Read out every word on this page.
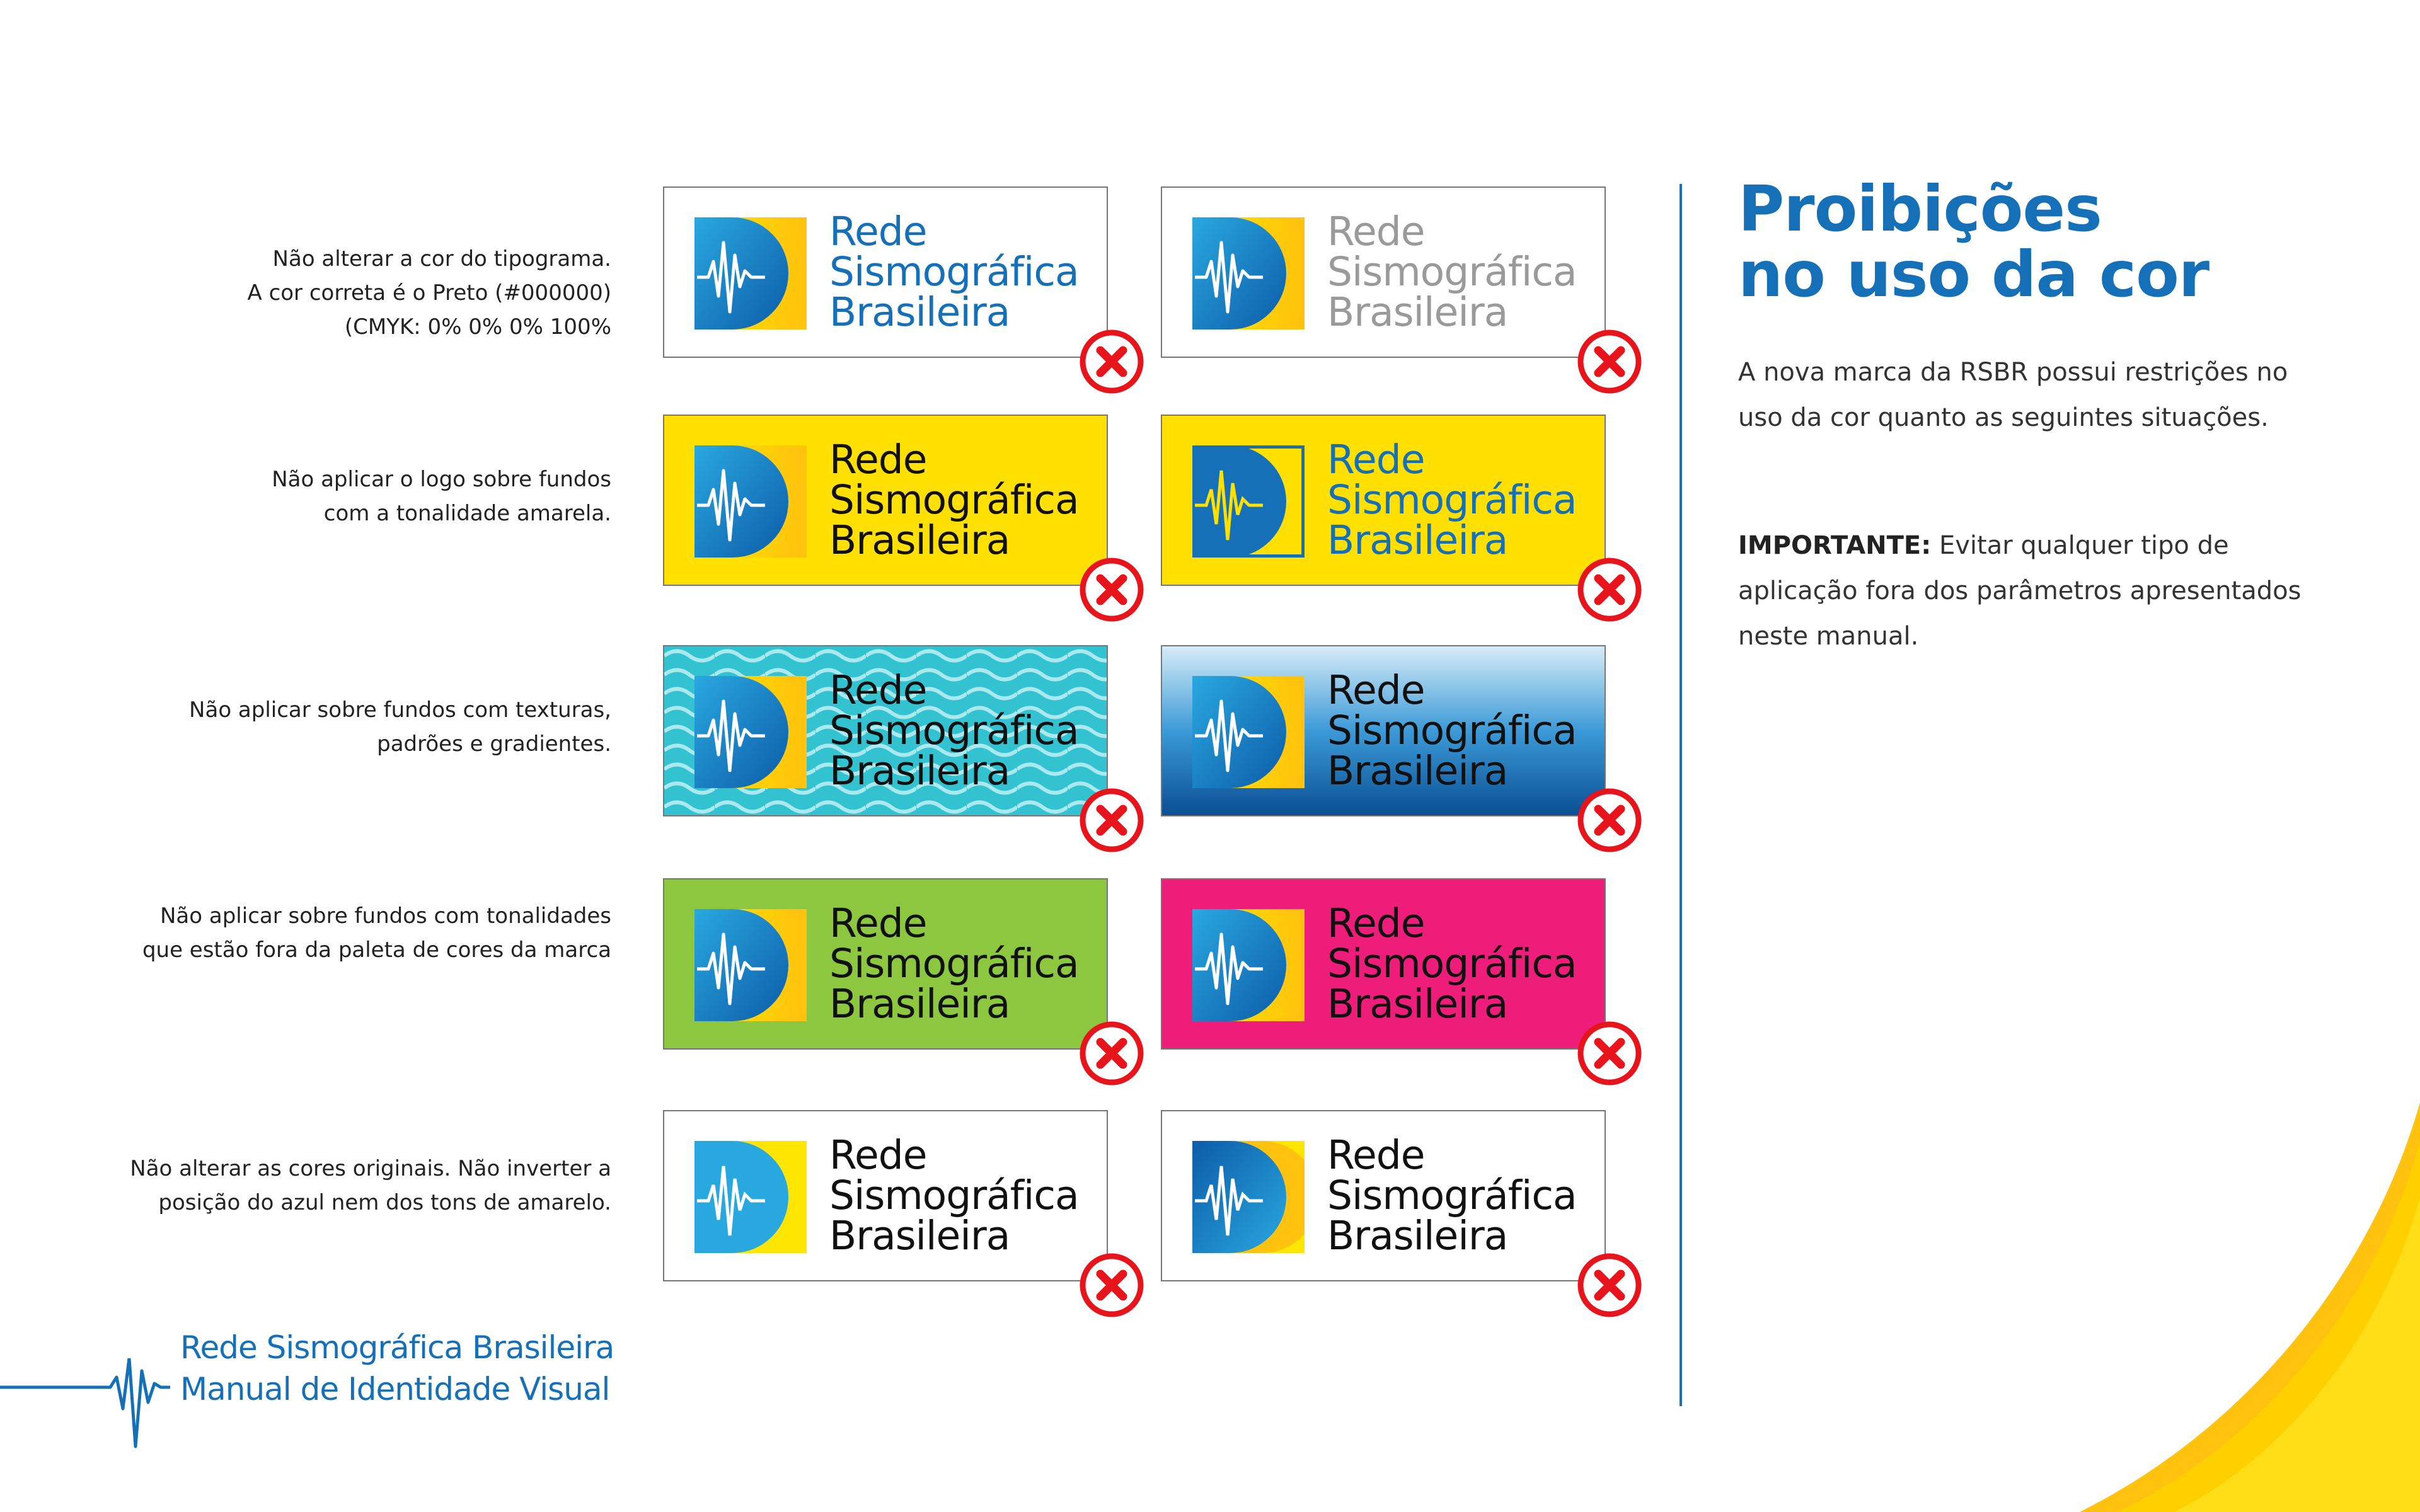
Não alterar a cor do tipograma.
A cor correta é o Preto (#000000)
(CMYK: 0% 0% 0% 100%
Não aplicar o logo sobre fundos
com a tonalidade amarela.
Não aplicar sobre fundos com texturas,
padrões e gradientes.
Não aplicar sobre fundos com tonalidades
que estão fora da paleta de cores da marca
Não alterar as cores originais. Não inverter a
posição do azul nem dos tons de amarelo.
Rede
Sismográfica
Brasileira
Rede
Sismográfica
Brasileira
Rede
Sismográfica
Brasileira
Rede
Sismográfica
Brasileira
Rede
Sismográfica
Brasileira
Rede
Sismográfica
Brasileira
Rede
Sismográfica
Brasileira
Rede
Sismográfica
Brasileira
Rede
Sismográfica
Brasileira
Rede
Sismográfica
Brasileira
Proibições
no uso da cor
A nova marca da RSBR possui restrições no uso da cor quanto as seguintes situações.
IMPORTANTE: Evitar qualquer tipo de aplicação fora dos parâmetros apresentados neste manual.
Rede Sismográfica Brasileira
Manual de Identidade Visual
